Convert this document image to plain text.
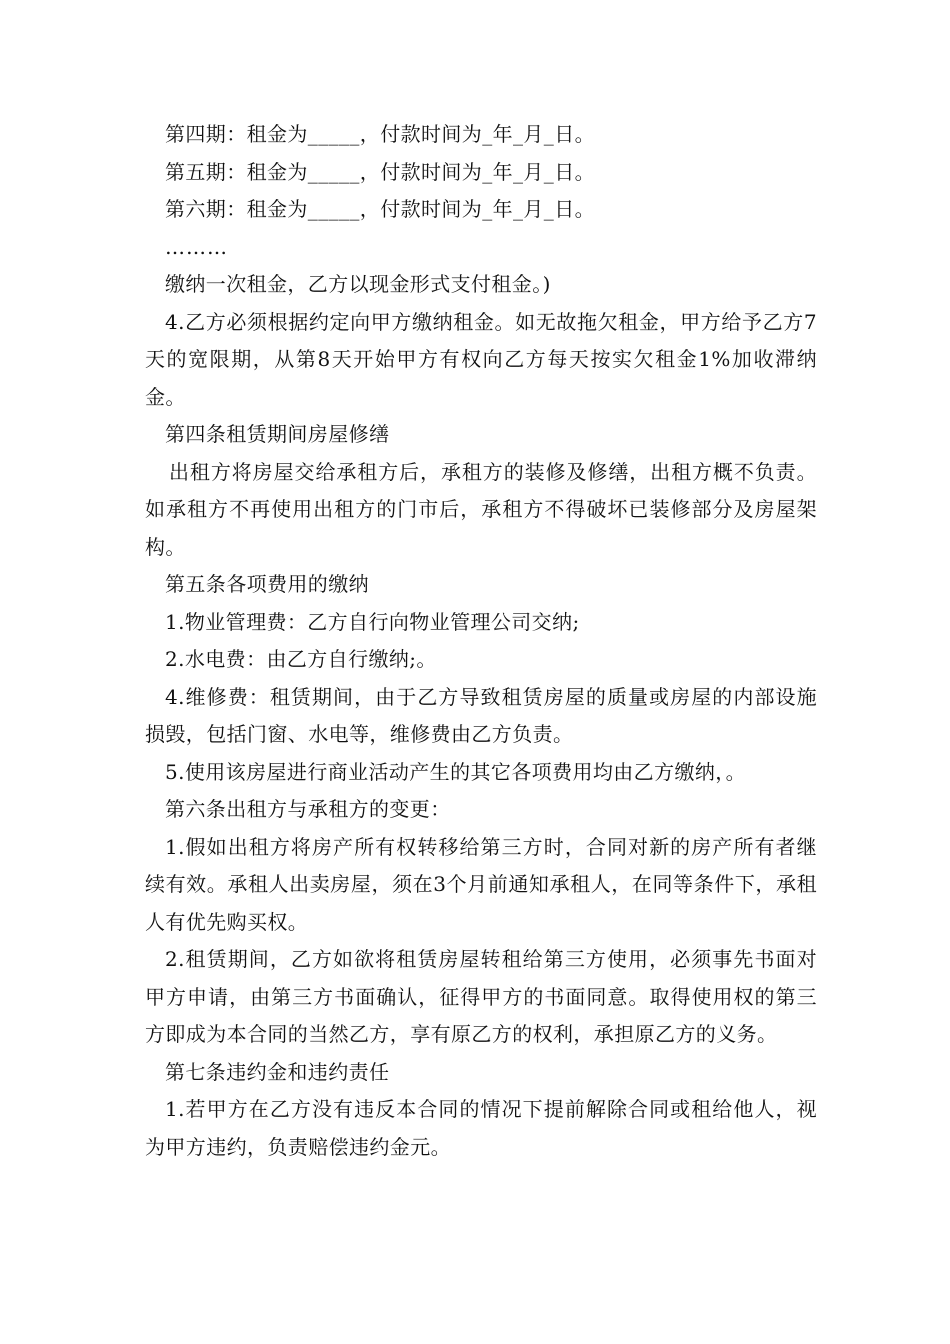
第四期：租金为_____，付款时间为_年_月_日。

第五期：租金为_____，付款时间为_年_月_日。

第六期：租金为_____，付款时间为_年_月_日。

………

缴纳一次租金，乙方以现金形式支付租金。)

4.乙方必须根据约定向甲方缴纳租金。如无故拖欠租金，甲方给予乙方7天的宽限期，从第8天开始甲方有权向乙方每天按实欠租金1%加收滞纳金。

第四条租赁期间房屋修缮

出租方将房屋交给承租方后，承租方的装修及修缮，出租方概不负责。如承租方不再使用出租方的门市后，承租方不得破坏已装修部分及房屋架构。

第五条各项费用的缴纳

1.物业管理费：乙方自行向物业管理公司交纳;

2.水电费：由乙方自行缴纳;。

4.维修费：租赁期间，由于乙方导致租赁房屋的质量或房屋的内部设施损毁，包括门窗、水电等，维修费由乙方负责。

5.使用该房屋进行商业活动产生的其它各项费用均由乙方缴纳，。

第六条出租方与承租方的变更：

1.假如出租方将房产所有权转移给第三方时，合同对新的房产所有者继续有效。承租人出卖房屋，须在3个月前通知承租人，在同等条件下，承租人有优先购买权。

2.租赁期间，乙方如欲将租赁房屋转租给第三方使用，必须事先书面对甲方申请，由第三方书面确认，征得甲方的书面同意。取得使用权的第三方即成为本合同的当然乙方，享有原乙方的权利，承担原乙方的义务。

第七条违约金和违约责任

1.若甲方在乙方没有违反本合同的情况下提前解除合同或租给他人，视为甲方违约，负责赔偿违约金元。
